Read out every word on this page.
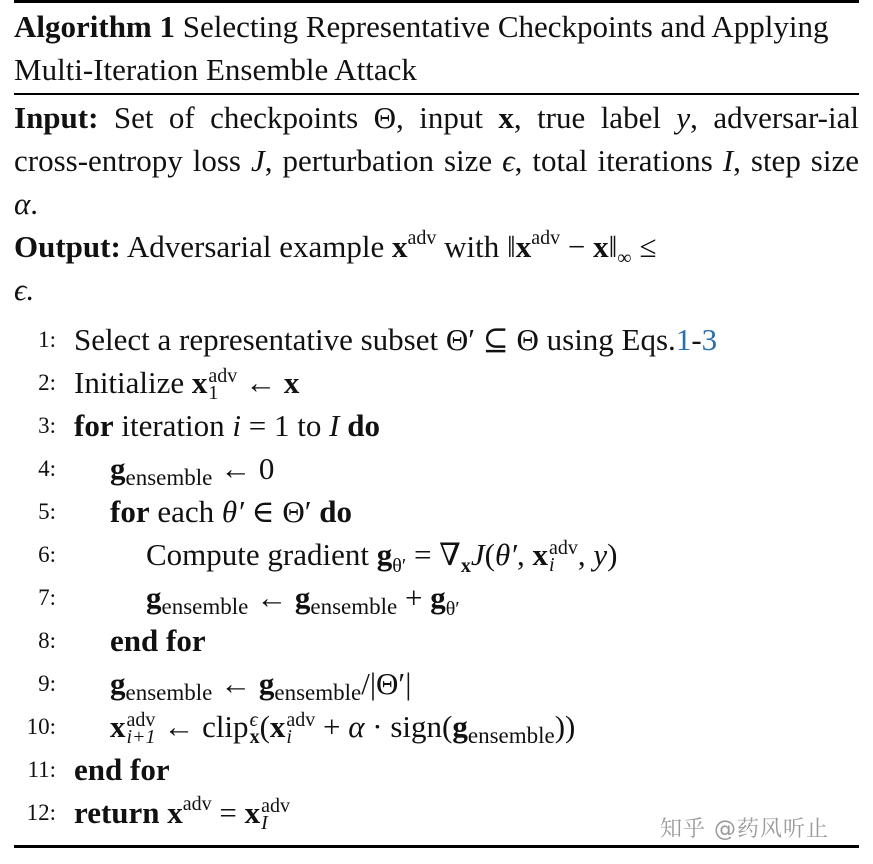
Algorithm 1 Selecting Representative Checkpoints and Applying Multi-Iteration Ensemble Attack
Input: Set of checkpoints Θ, input x, true label y, adversar-ial cross-entropy loss J, perturbation size ϵ, total iterations I, step size α.
Output: Adversarial example $x^{adv}$ with $‖x^{adv}$ − $x‖_\infty$ ≤
ϵ.
1: Select a representative subset Θ′ ⊆ Θ using Eqs.1-3
2: Initialize x adv
1 ← x
3: for iteration i = 1 to I do
4: gensemble ← 0
5: for each θ′ ∈ Θ′ do
6:	Compute gradient $g_{\theta'} = \nabla_xJ(\theta'$, x adv
i , y)
7:	gensemble ← gensemble + $g_{\theta'}$
8: end for
9: gensemble ← gensemble/|Θ′|
10: x adv
i+1 ← clipϵ
x (x adv
i + α · sign(gensemble))
11: end for
12: return $x^{adv} = x$ adv
I	知乎 @药风听止
